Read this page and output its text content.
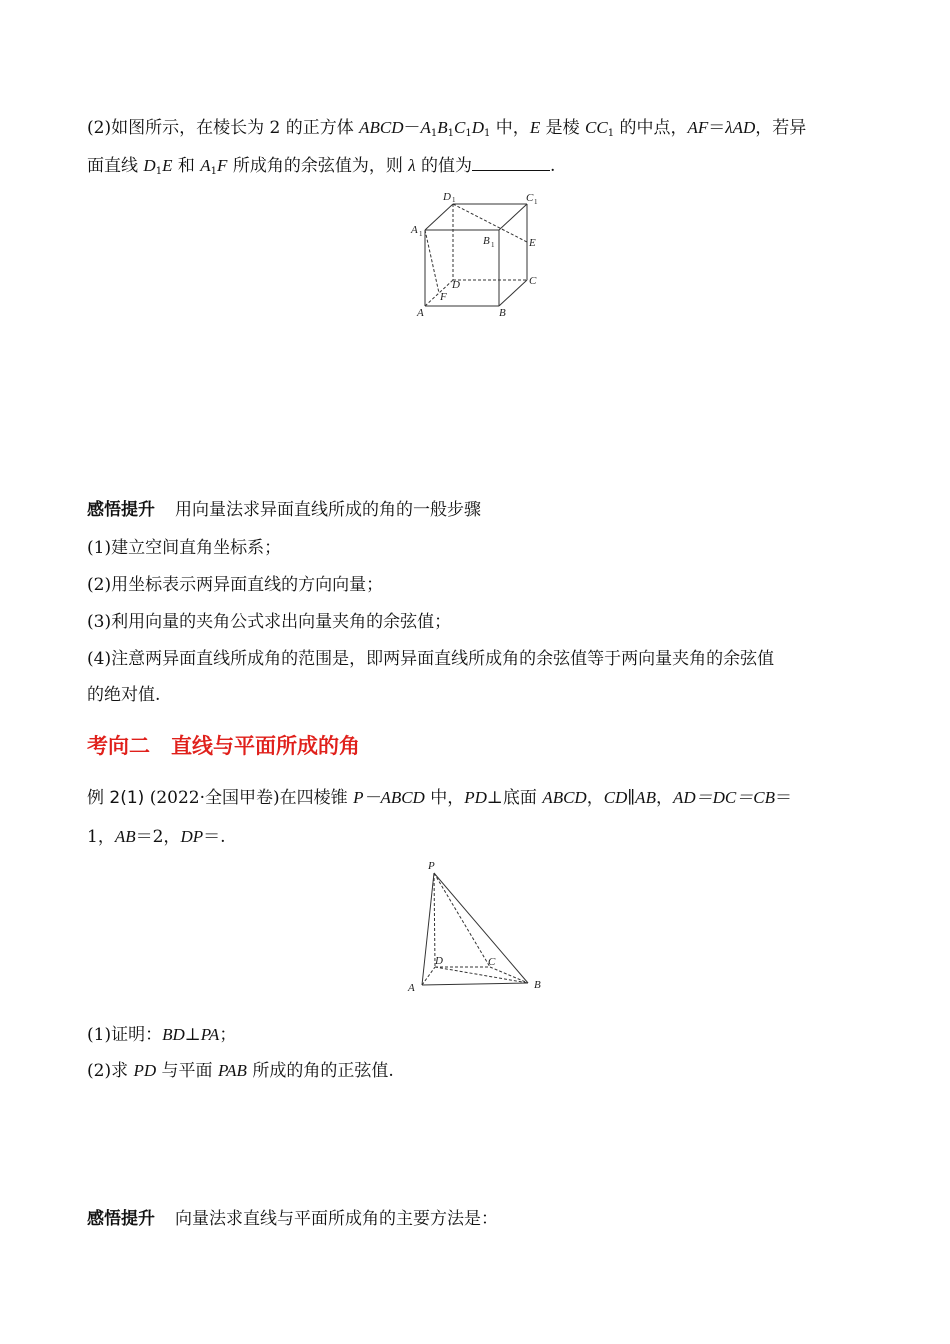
(2)如图所示，在棱长为 2 的正方体 $ABCD-A_1B_1C_1D_1$ 中，E 是棱 $CC_1$ 的中点，AF＝λAD，若异
面直线 $D_1E$ 和 $A_1F$ 所成角的余弦值为，则 λ 的值为	.
D 1	C 1
A 1
B 1	E
D	C
F
A	B
感悟提升 用向量法求异面直线所成的角的一般步骤
(1)建立空间直角坐标系；
(2)用坐标表示两异面直线的方向向量；
(3)利用向量的夹角公式求出向量夹角的余弦值；
(4)注意两异面直线所成角的范围是，即两异面直线所成角的余弦值等于两向量夹角的余弦值
的绝对值.
考向二　直线与平面所成的角
例 2(1) (2022·全国甲卷)在四棱锥 P－ABCD 中，PD⊥底面 ABCD，CD∥AB，AD＝DC＝CB＝
1，AB＝2，DP＝.
P
D	C
A	B
(1)证明：BD⊥PA；
(2)求 PD 与平面 PAB 所成的角的正弦值.
感悟提升 向量法求直线与平面所成角的主要方法是：
